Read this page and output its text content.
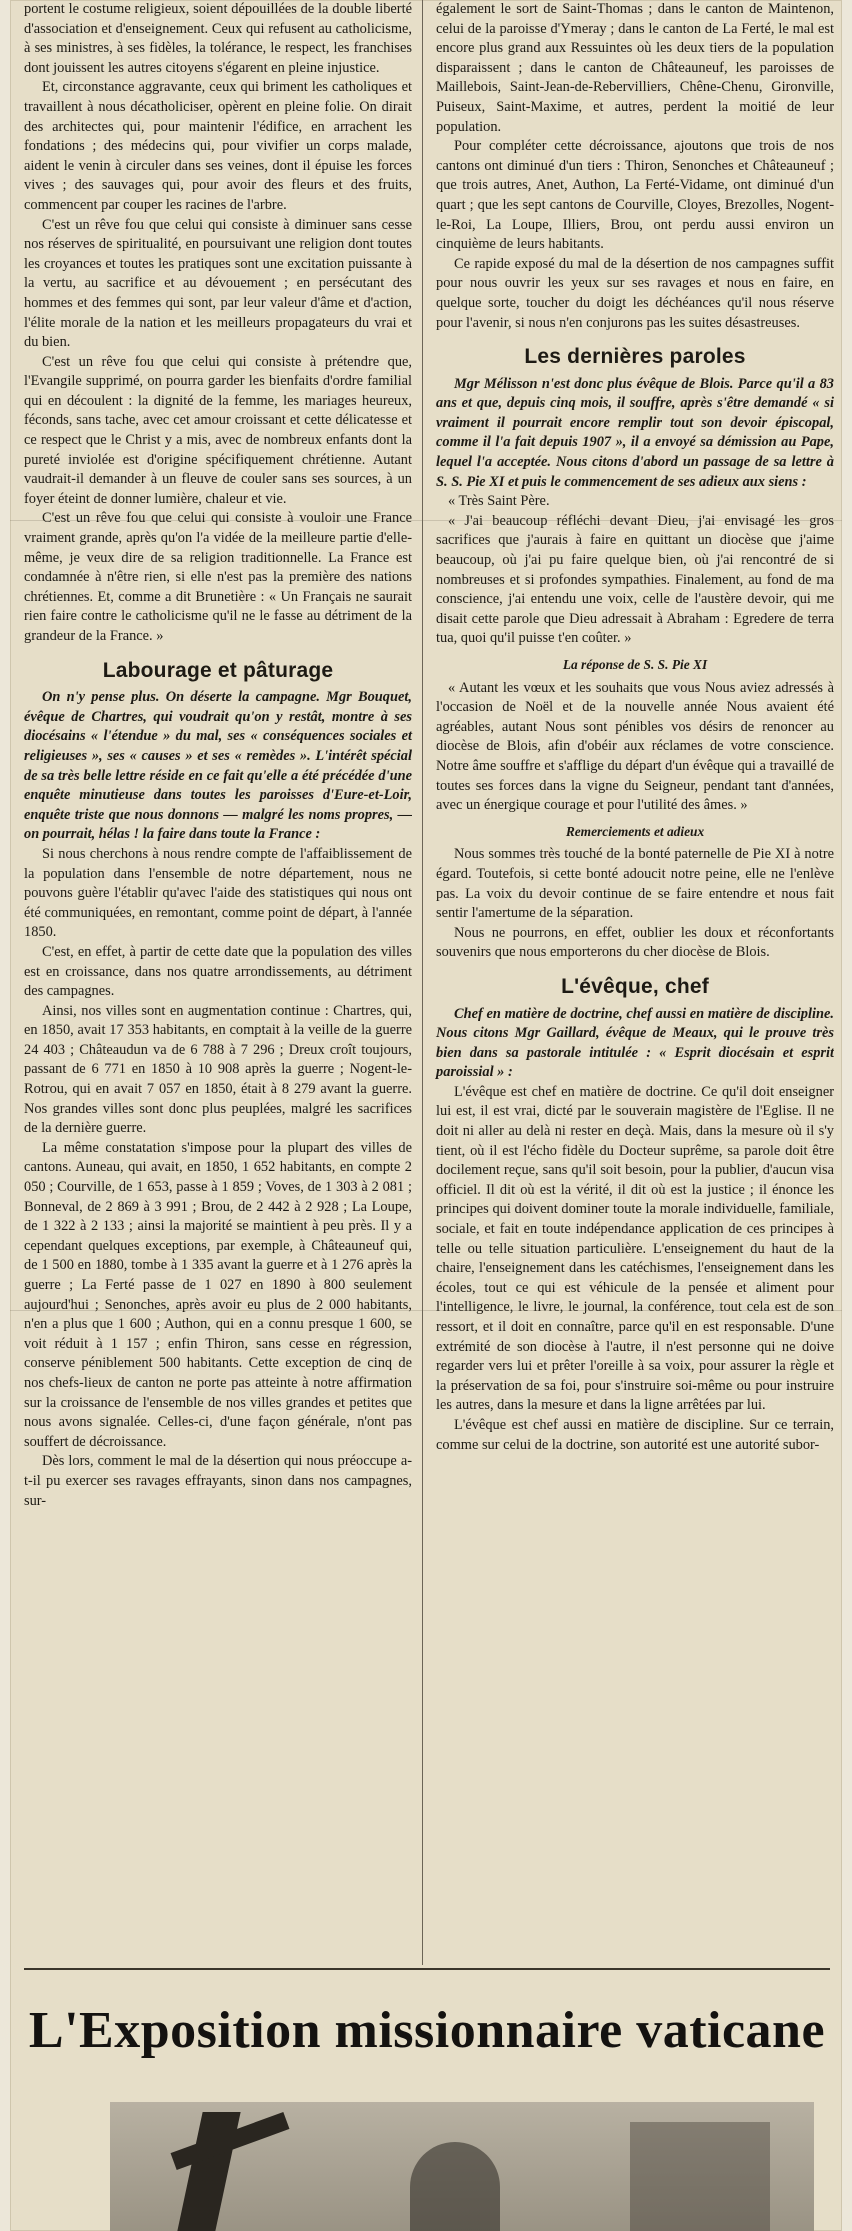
portent le costume religieux, soient dépouillées de la double liberté d'association et d'enseignement. Ceux qui refusent au catholicisme, à ses ministres, à ses fidèles, la tolérance, le respect, les franchises dont jouissent les autres citoyens s'égarent en pleine injustice.

Et, circonstance aggravante, ceux qui briment les catholiques et travaillent à nous décatholiciser, opèrent en pleine folie. On dirait des architectes qui, pour maintenir l'édifice, en arrachent les fondations ; des médecins qui, pour vivifier un corps malade, aident le venin à circuler dans ses veines, dont il épuise les forces vives ; des sauvages qui, pour avoir des fleurs et des fruits, commencent par couper les racines de l'arbre.

C'est un rêve fou que celui qui consiste à diminuer sans cesse nos réserves de spiritualité, en poursuivant une religion dont toutes les croyances et toutes les pratiques sont une excitation puissante à la vertu, au sacrifice et au dévouement ; en persécutant des hommes et des femmes qui sont, par leur valeur d'âme et d'action, l'élite morale de la nation et les meilleurs propagateurs du vrai et du bien.

C'est un rêve fou que celui qui consiste à prétendre que, l'Evangile supprimé, on pourra garder les bienfaits d'ordre familial qui en découlent : la dignité de la femme, les mariages heureux, féconds, sans tache, avec cet amour croissant et cette délicatesse et ce respect que le Christ y a mis, avec de nombreux enfants dont la pureté inviolée est d'origine spécifiquement chrétienne. Autant vaudrait-il demander à un fleuve de couler sans ses sources, à un foyer éteint de donner lumière, chaleur et vie.

C'est un rêve fou que celui qui consiste à vouloir une France vraiment grande, après qu'on l'a vidée de la meilleure partie d'elle-même, je veux dire de sa religion traditionnelle. La France est condamnée à n'être rien, si elle n'est pas la première des nations chrétiennes. Et, comme a dit Brunetière : « Un Français ne saurait rien faire contre le catholicisme qu'il ne le fasse au détriment de la grandeur de la France. »

Labourage et pâturage

On n'y pense plus. On déserte la campagne. Mgr Bouquet, évêque de Chartres, qui voudrait qu'on y restât, montre à ses diocésains « l'étendue » du mal, ses « conséquences sociales et religieuses », ses « causes » et ses « remèdes ». L'intérêt spécial de sa très belle lettre réside en ce fait qu'elle a été précédée d'une enquête minutieuse dans toutes les paroisses d'Eure-et-Loir, enquête triste que nous donnons — malgré les noms propres, — on pourrait, hélas ! la faire dans toute la France :

Si nous cherchons à nous rendre compte de l'affaiblissement de la population dans l'ensemble de notre département, nous ne pouvons guère l'établir qu'avec l'aide des statistiques qui nous ont été communiquées, en remontant, comme point de départ, à l'année 1850.

C'est, en effet, à partir de cette date que la population des villes est en croissance, dans nos quatre arrondissements, au détriment des campagnes.

Ainsi, nos villes sont en augmentation continue : Chartres, qui, en 1850, avait 17 353 habitants, en comptait à la veille de la guerre 24 403 ; Châteaudun va de 6 788 à 7 296 ; Dreux croît toujours, passant de 6 771 en 1850 à 10 908 après la guerre ; Nogent-le-Rotrou, qui en avait 7 057 en 1850, était à 8 279 avant la guerre. Nos grandes villes sont donc plus peuplées, malgré les sacrifices de la dernière guerre.

La même constatation s'impose pour la plupart des villes de cantons. Auneau, qui avait, en 1850, 1 652 habitants, en compte 2 050 ; Courville, de 1 653, passe à 1 859 ; Voves, de 1 303 à 2 081 ; Bonneval, de 2 869 à 3 991 ; Brou, de 2 442 à 2 928 ; La Loupe, de 1 322 à 2 133 ; ainsi la majorité se maintient à peu près. Il y a cependant quelques exceptions, par exemple, à Châteauneuf qui, de 1 500 en 1880, tombe à 1 335 avant la guerre et à 1 276 après la guerre ; La Ferté passe de 1 027 en 1890 à 800 seulement aujourd'hui ; Senonches, après avoir eu plus de 2 000 habitants, n'en a plus que 1 600 ; Authon, qui en a connu presque 1 600, se voit réduit à 1 157 ; enfin Thiron, sans cesse en régression, conserve péniblement 500 habitants. Cette exception de cinq de nos chefs-lieux de canton ne porte pas atteinte à notre affirmation sur la croissance de l'ensemble de nos villes grandes et petites que nous avons signalée. Celles-ci, d'une façon générale, n'ont pas souffert de décroissance.

Dès lors, comment le mal de la désertion qui nous préoccupe a-t-il pu exercer ses ravages effrayants, sinon dans nos campagnes, sur-

également le sort de Saint-Thomas ; dans le canton de Maintenon, celui de la paroisse d'Ymeray ; dans le canton de La Ferté, le mal est encore plus grand aux Ressuintes où les deux tiers de la population disparaissent ; dans le canton de Châteauneuf, les paroisses de Maillebois, Saint-Jean-de-Rebervilliers, Chêne-Chenu, Gironville, Puiseux, Saint-Maxime, et autres, perdent la moitié de leur population.

Pour compléter cette décroissance, ajoutons que trois de nos cantons ont diminué d'un tiers : Thiron, Senonches et Châteauneuf ; que trois autres, Anet, Authon, La Ferté-Vidame, ont diminué d'un quart ; que les sept cantons de Courville, Cloyes, Brezolles, Nogent-le-Roi, La Loupe, Illiers, Brou, ont perdu aussi environ un cinquième de leurs habitants.

Ce rapide exposé du mal de la désertion de nos campagnes suffit pour nous ouvrir les yeux sur ses ravages et nous en faire, en quelque sorte, toucher du doigt les déchéances qu'il nous réserve pour l'avenir, si nous n'en conjurons pas les suites désastreuses.

Les dernières paroles

Mgr Mélisson n'est donc plus évêque de Blois. Parce qu'il a 83 ans et que, depuis cinq mois, il souffre, après s'être demandé « si vraiment il pourrait encore remplir tout son devoir épiscopal, comme il l'a fait depuis 1907 », il a envoyé sa démission au Pape, lequel l'a acceptée. Nous citons d'abord un passage de sa lettre à S. S. Pie XI et puis le commencement de ses adieux aux siens :

« Très Saint Père.

« J'ai beaucoup réfléchi devant Dieu, j'ai envisagé les gros sacrifices que j'aurais à faire en quittant un diocèse que j'aime beaucoup, où j'ai pu faire quelque bien, où j'ai rencontré de si nombreuses et si profondes sympathies. Finalement, au fond de ma conscience, j'ai entendu une voix, celle de l'austère devoir, qui me disait cette parole que Dieu adressait à Abraham : Egredere de terra tua, quoi qu'il puisse t'en coûter. »

La réponse de S. S. Pie XI

« Autant les vœux et les souhaits que vous Nous aviez adressés à l'occasion de Noël et de la nouvelle année Nous avaient été agréables, autant Nous sont pénibles vos désirs de renoncer au diocèse de Blois, afin d'obéir aux réclames de votre conscience. Notre âme souffre et s'afflige du départ d'un évêque qui a travaillé de toutes ses forces dans la vigne du Seigneur, pendant tant d'années, avec un énergique courage et pour l'utilité des âmes. »

Remerciements et adieux

Nous sommes très touché de la bonté paternelle de Pie XI à notre égard. Toutefois, si cette bonté adoucit notre peine, elle ne l'enlève pas. La voix du devoir continue de se faire entendre et nous fait sentir l'amertume de la séparation.

Nous ne pourrons, en effet, oublier les doux et réconfortants souvenirs que nous emporterons du cher diocèse de Blois.

L'évêque, chef

Chef en matière de doctrine, chef aussi en matière de discipline. Nous citons Mgr Gaillard, évêque de Meaux, qui le prouve très bien dans sa pastorale intitulée : « Esprit diocésain et esprit paroissial » :

L'évêque est chef en matière de doctrine. Ce qu'il doit enseigner lui est, il est vrai, dicté par le souverain magistère de l'Eglise. Il ne doit ni aller au delà ni rester en deçà. Mais, dans la mesure où il s'y tient, où il est l'écho fidèle du Docteur suprême, sa parole doit être docilement reçue, sans qu'il soit besoin, pour la publier, d'aucun visa officiel. Il dit où est la vérité, il dit où est la justice ; il énonce les principes qui doivent dominer toute la morale individuelle, familiale, sociale, et fait en toute indépendance application de ces principes à telle ou telle situation particulière. L'enseignement du haut de la chaire, l'enseignement dans les catéchismes, l'enseignement dans les écoles, tout ce qui est véhicule de la pensée et aliment pour l'intelligence, le livre, le journal, la conférence, tout cela est de son ressort, et il doit en connaître, parce qu'il en est responsable. D'une extrémité de son diocèse à l'autre, il n'est personne qui ne doive regarder vers lui et prêter l'oreille à sa voix, pour assurer la règle et la préservation de sa foi, pour s'instruire soi-même ou pour instruire les autres, dans la mesure et dans la ligne arrêtées par lui.

L'évêque est chef aussi en matière de discipline. Sur ce terrain, comme sur celui de la doctrine, son autorité est une autorité subor-

L'Exposition missionnaire vaticane
